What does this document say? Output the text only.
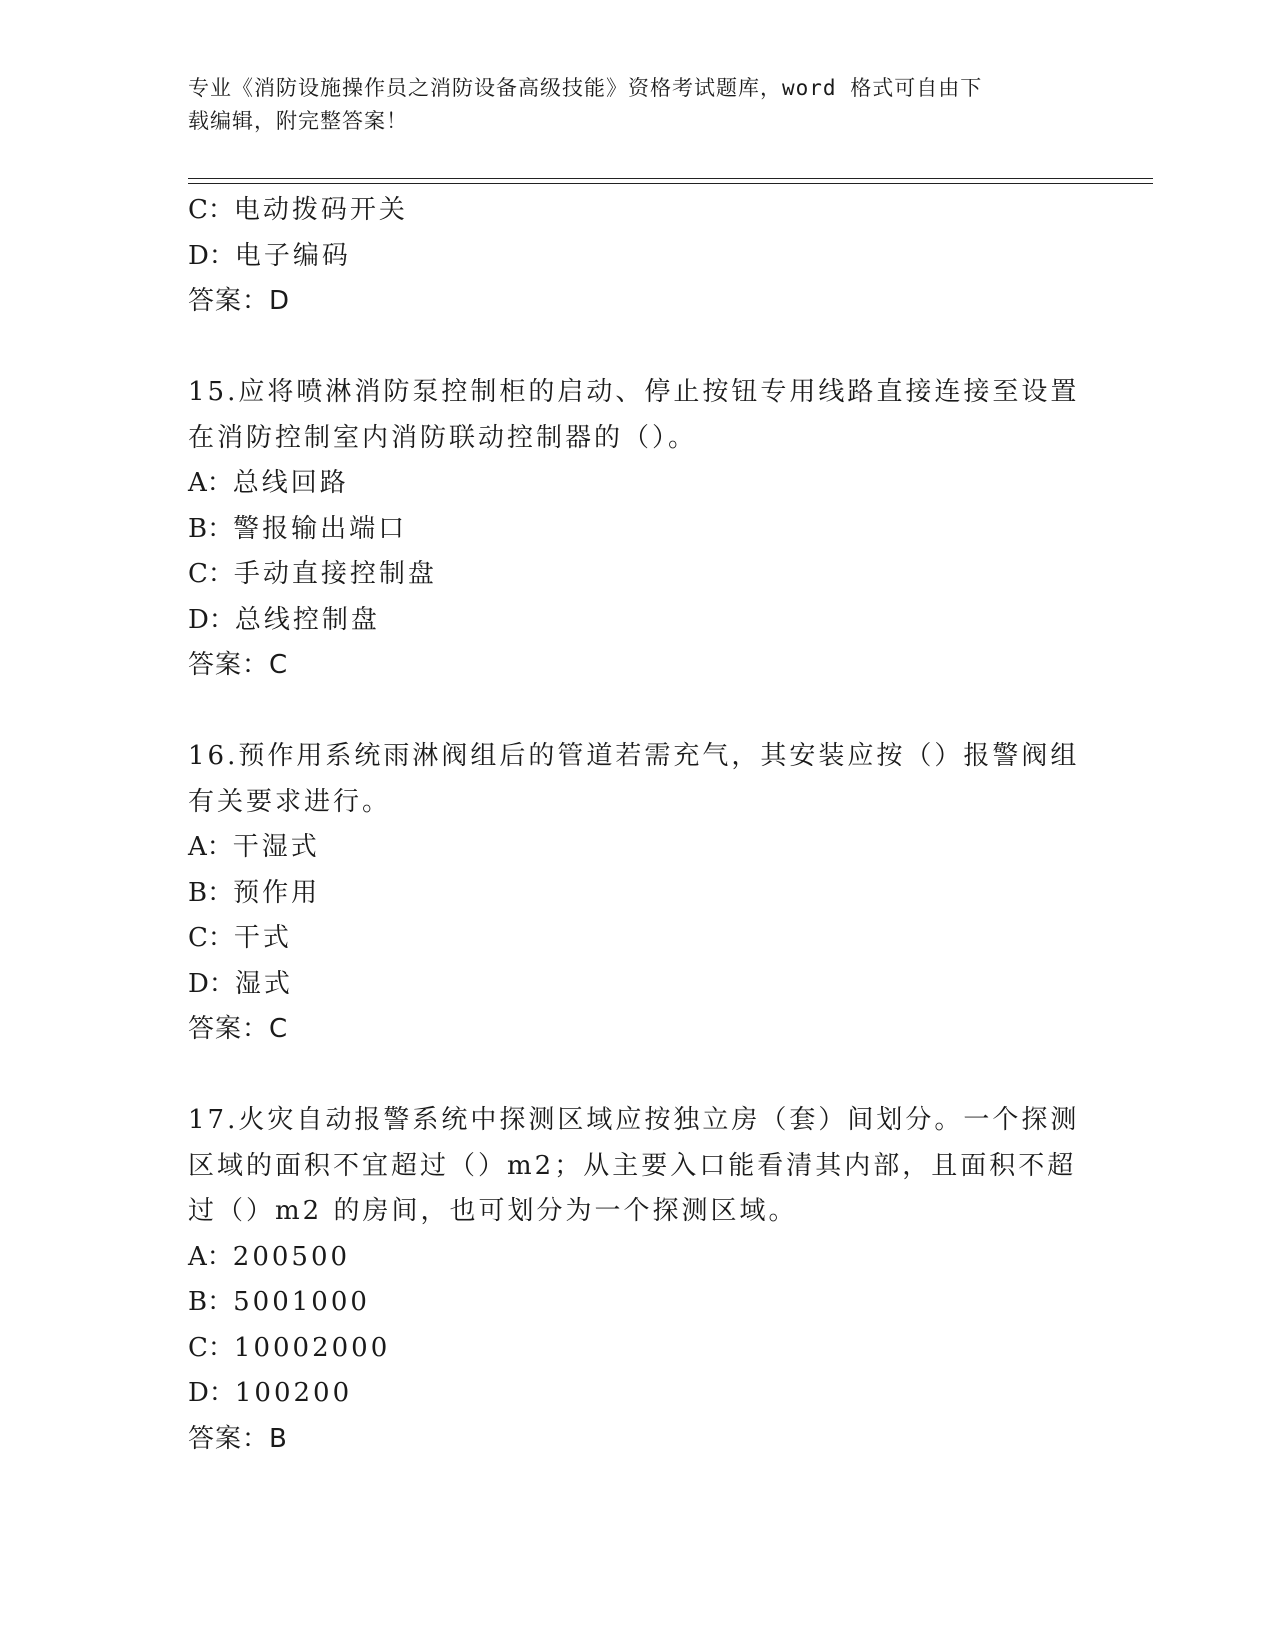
专业《消防设施操作员之消防设备高级技能》资格考试题库，word 格式可自由下
载编辑，附完整答案！
C：电动拨码开关
D：电子编码
答案：D
15.应将喷淋消防泵控制柜的启动、停止按钮专用线路直接连接至设置
在消防控制室内消防联动控制器的（）。
A：总线回路
B：警报输出端口
C：手动直接控制盘
D：总线控制盘
答案：C
16.预作用系统雨淋阀组后的管道若需充气，其安装应按（）报警阀组
有关要求进行。
A：干湿式
B：预作用
C：干式
D：湿式
答案：C
17.火灾自动报警系统中探测区域应按独立房（套）间划分。一个探测
区域的面积不宜超过（）m2；从主要入口能看清其内部，且面积不超
过（）m2 的房间，也可划分为一个探测区域。
A：200500
B：5001000
C：10002000
D：100200
答案：B
